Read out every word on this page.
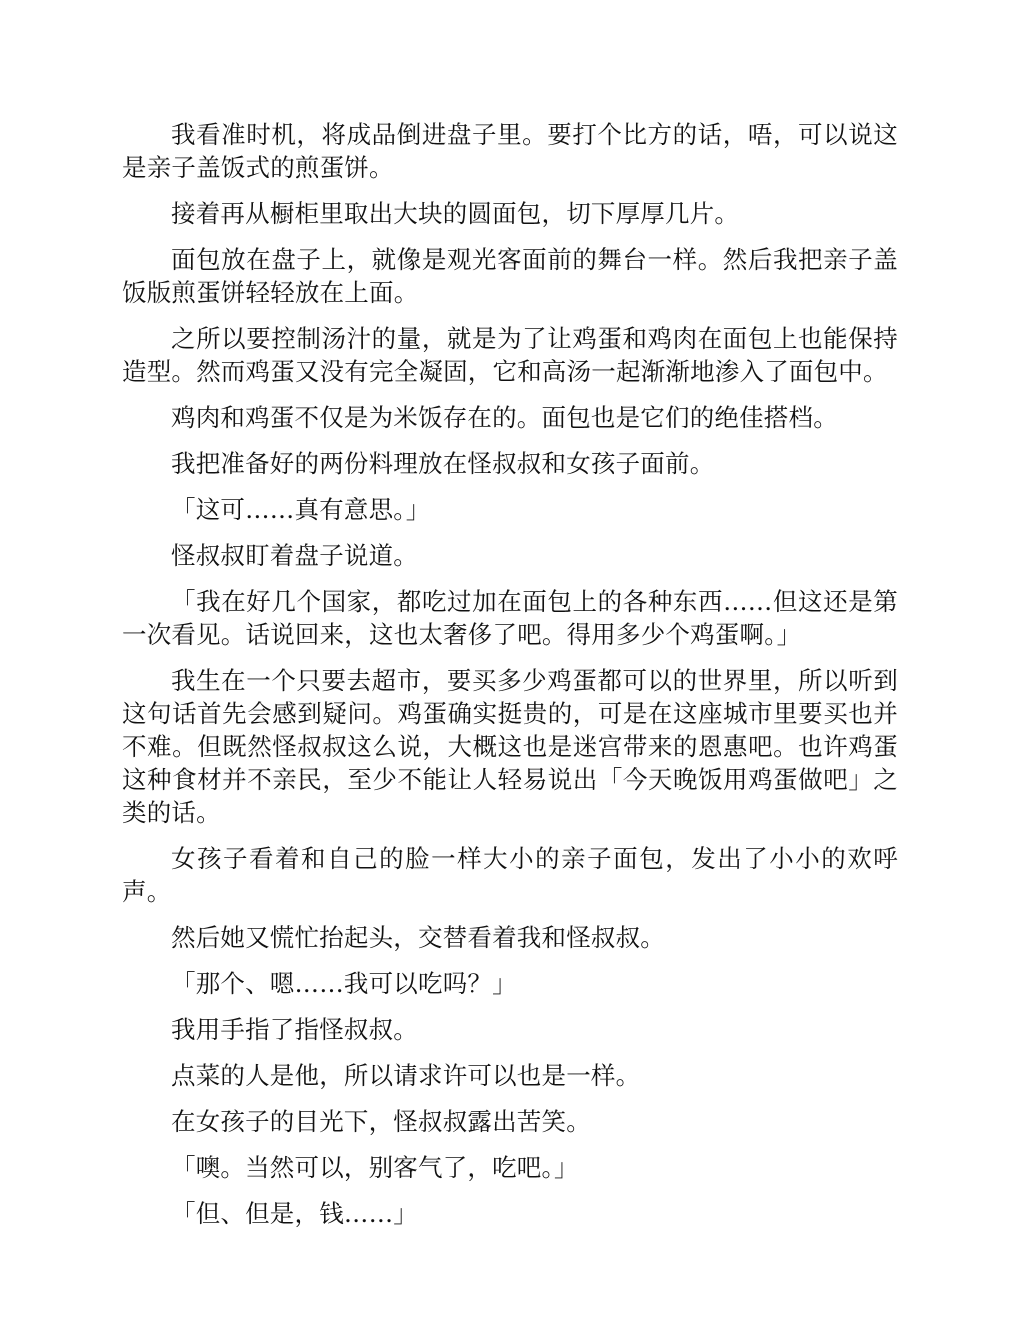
我看准时机，将成品倒进盘子里。要打个比方的话，唔，可以说这是亲子盖饭式的煎蛋饼。

接着再从橱柜里取出大块的圆面包，切下厚厚几片。

面包放在盘子上，就像是观光客面前的舞台一样。然后我把亲子盖饭版煎蛋饼轻轻放在上面。

之所以要控制汤汁的量，就是为了让鸡蛋和鸡肉在面包上也能保持造型。然而鸡蛋又没有完全凝固，它和高汤一起渐渐地渗入了面包中。

鸡肉和鸡蛋不仅是为米饭存在的。面包也是它们的绝佳搭档。

我把准备好的两份料理放在怪叔叔和女孩子面前。

「这可……真有意思。」

怪叔叔盯着盘子说道。

「我在好几个国家，都吃过加在面包上的各种东西……但这还是第一次看见。话说回来，这也太奢侈了吧。得用多少个鸡蛋啊。」

我生在一个只要去超市，要买多少鸡蛋都可以的世界里，所以听到这句话首先会感到疑问。鸡蛋确实挺贵的，可是在这座城市里要买也并不难。但既然怪叔叔这么说，大概这也是迷宫带来的恩惠吧。也许鸡蛋这种食材并不亲民，至少不能让人轻易说出「今天晚饭用鸡蛋做吧」之类的话。

女孩子看着和自己的脸一样大小的亲子面包，发出了小小的欢呼声。

然后她又慌忙抬起头，交替看着我和怪叔叔。

「那个、嗯……我可以吃吗？」

我用手指了指怪叔叔。

点菜的人是他，所以请求许可以也是一样。

在女孩子的目光下，怪叔叔露出苦笑。

「噢。当然可以，别客气了，吃吧。」

「但、但是，钱……」
